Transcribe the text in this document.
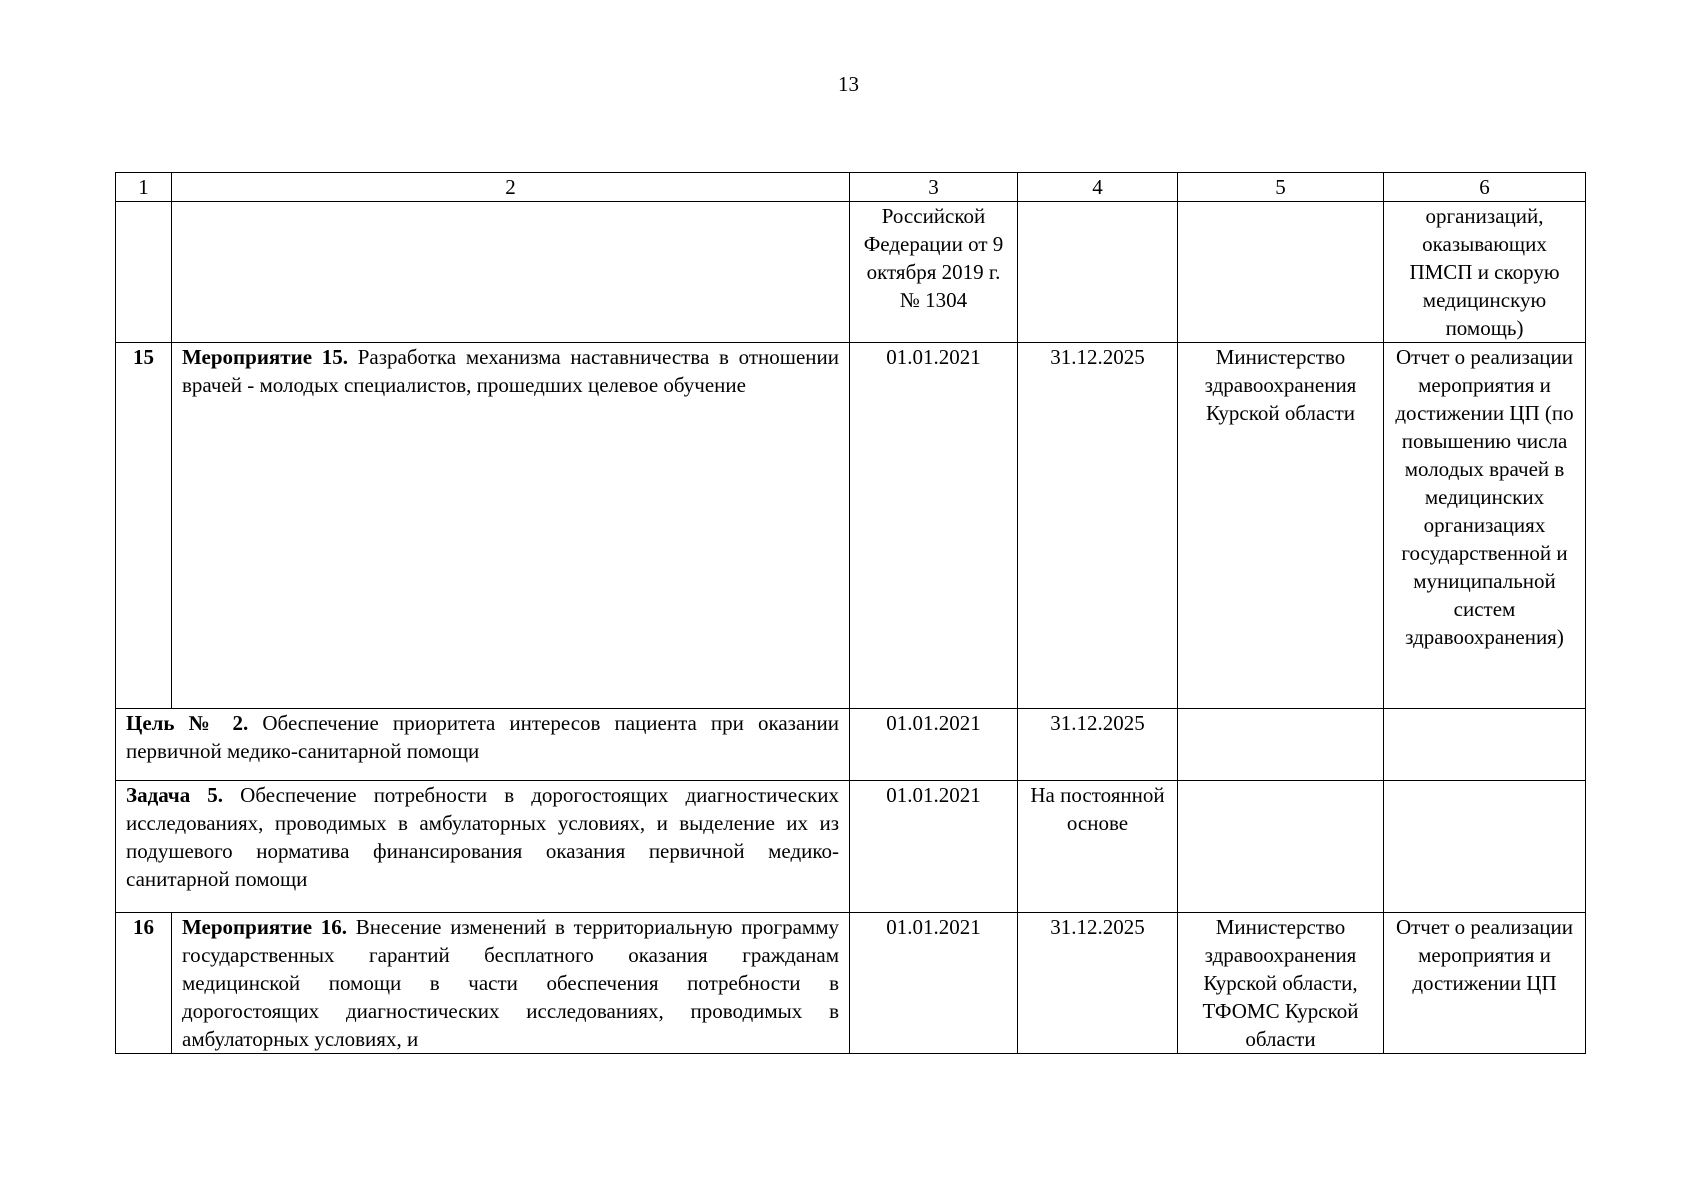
13
1	2	3	4	5	6
		Российской Федерации от 9 октября 2019 г. № 1304			организаций, оказывающих ПМСП и скорую медицинскую помощь)
15	Мероприятие 15. Разработка механизма наставничества в отношении врачей - молодых специалистов, прошедших целевое обучение	01.01.2021	31.12.2025	Министерство здравоохранения Курской области	Отчет о реализации мероприятия и достижении ЦП (по повышению числа молодых врачей в медицинских организациях государственной и муниципальной систем здравоохранения)
Цель № 2. Обеспечение приоритета интересов пациента при оказании первичной медико-санитарной помощи		01.01.2021	31.12.2025		
Задача 5. Обеспечение потребности в дорогостоящих диагностических исследованиях, проводимых в амбулаторных условиях, и выделение их из подушевого норматива финансирования оказания первичной медико-санитарной помощи		01.01.2021	На постоянной основе		
16	Мероприятие 16. Внесение изменений в территориальную программу государственных гарантий бесплатного оказания гражданам медицинской помощи в части обеспечения потребности в дорогостоящих диагностических исследованиях, проводимых в амбулаторных условиях, и	01.01.2021	31.12.2025	Министерство здравоохранения Курской области, ТФОМС Курской области	Отчет о реализации мероприятия и достижении ЦП
